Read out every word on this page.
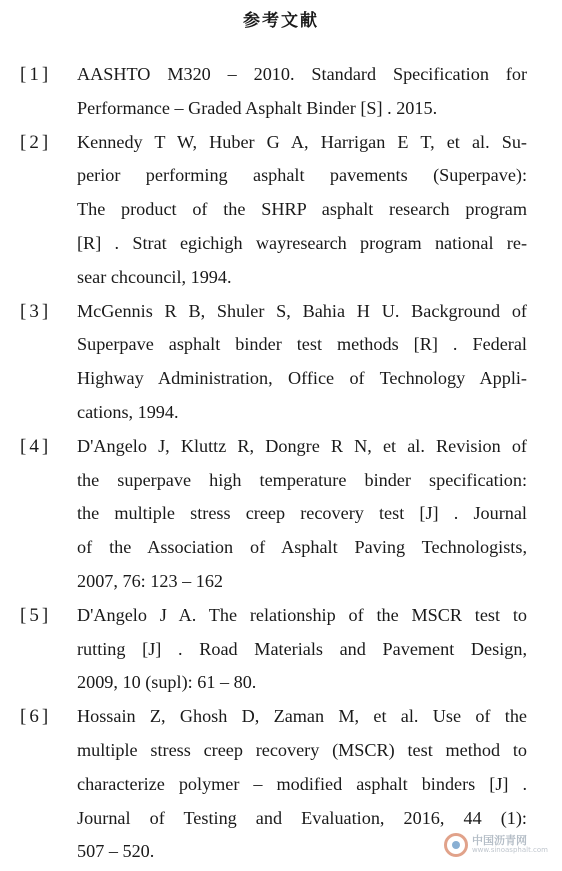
参考文献
[1] AASHTO M320 – 2010. Standard Specification for
Performance – Graded Asphalt Binder [S] . 2015.
[2] Kennedy T W, Huber G A, Harrigan E T, et al. Su-
perior performing asphalt pavements (Superpave):
The product of the SHRP asphalt research program
[R] . Strat egichigh wayresearch program national re-
sear chcouncil, 1994.
[3] McGennis R B, Shuler S, Bahia H U. Background of
Superpave asphalt binder test methods [R] . Federal
Highway Administration, Office of Technology Appli-
cations, 1994.
[4] D'Angelo J, Kluttz R, Dongre R N, et al. Revision of
the superpave high temperature binder specification:
the multiple stress creep recovery test [J] . Journal
of the Association of Asphalt Paving Technologists,
2007, 76: 123 – 162
[5] D'Angelo J A. The relationship of the MSCR test to
rutting [J] . Road Materials and Pavement Design,
2009, 10 (supl): 61 – 80.
[6] Hossain Z, Ghosh D, Zaman M, et al. Use of the
multiple stress creep recovery (MSCR) test method to
characterize polymer – modified asphalt binders [J] .
Journal of Testing and Evaluation, 2016, 44 (1):
507 – 520.
中国沥青网
www.sinoasphalt.com
